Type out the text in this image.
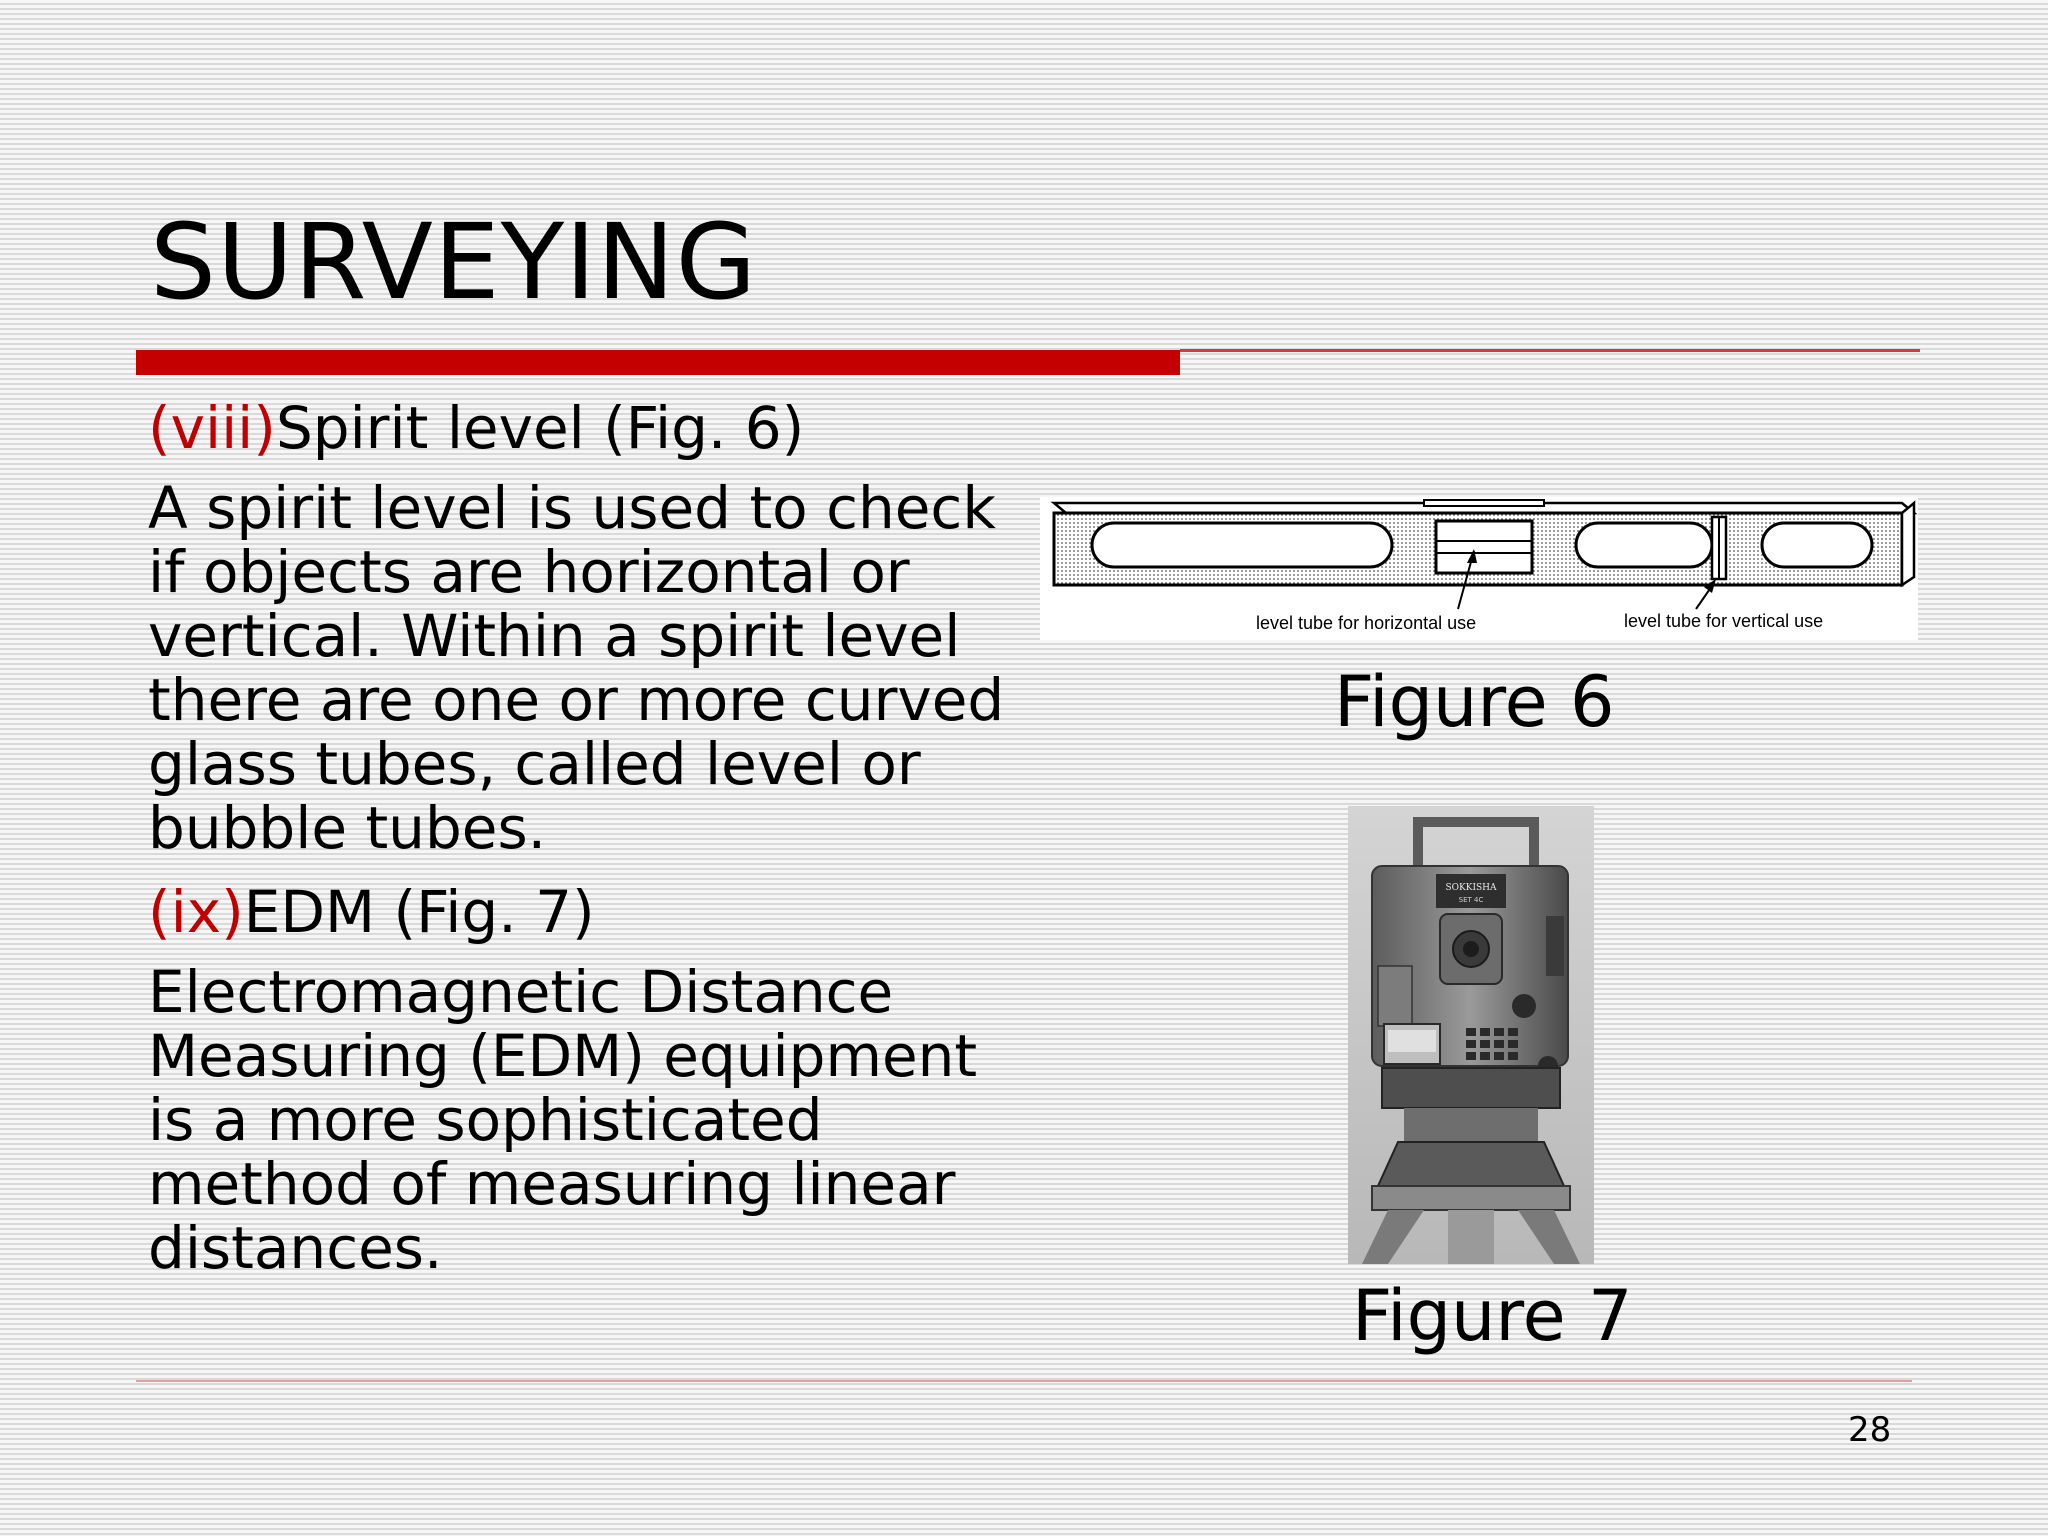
SURVEYING
(viii)Spirit level (Fig. 6)
A spirit level is used to check if objects are horizontal or vertical. Within a spirit level there are one or more curved glass tubes, called level or bubble tubes.
(ix)EDM (Fig. 7)
Electromagnetic Distance Measuring (EDM) equipment is a more sophisticated method of measuring linear distances.
level tube for horizontal use	level tube for vertical use
Figure 6
SOKKISHA
SET 4C
Figure 7
28
